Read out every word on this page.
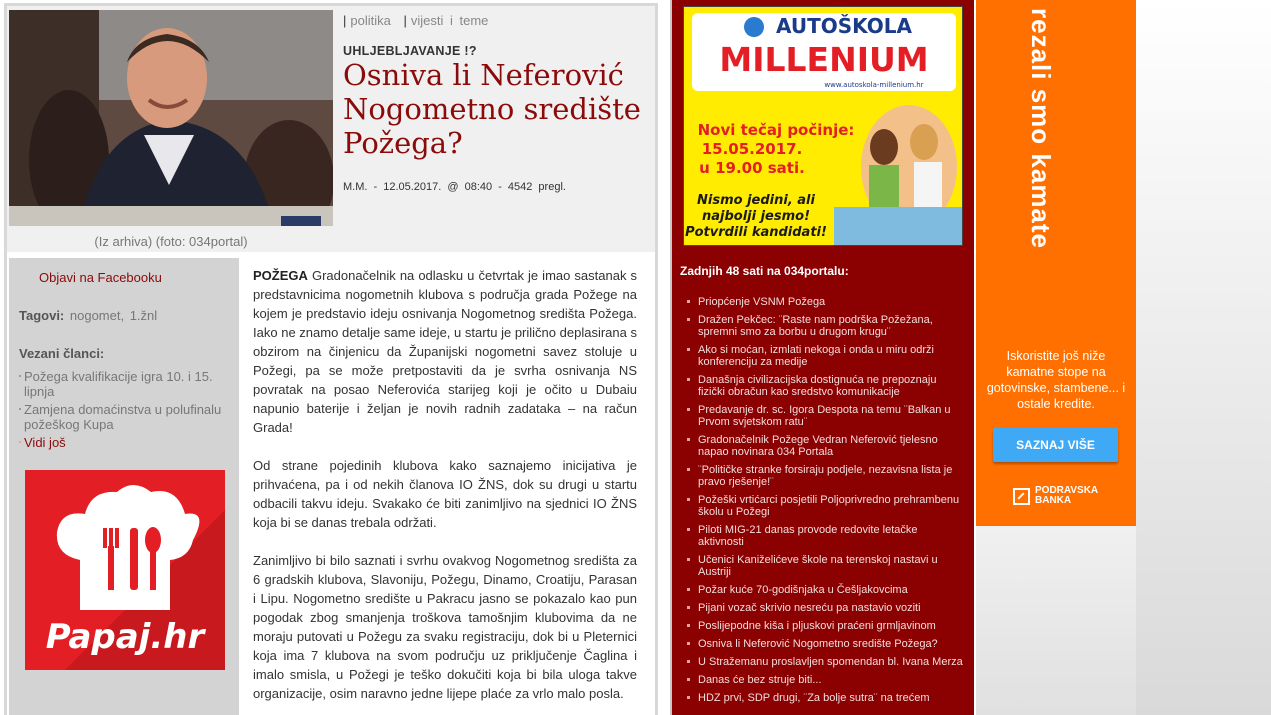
(Iz arhiva) (foto: 034portal)
| politika | vijesti i teme
UHLJEBLJAVANJE !?
Osniva li Neferović Nogometno središte Požega?
M.M. - 12.05.2017. @ 08:40 - 4542 pregl.
Objavi na Facebooku
Tagovi: nogomet, 1.žnl
Vezani članci:
Požega kvalifikacije igra 10. i 15. lipnja
Zamjena domaćinstva u polufinalu požeškog Kupa
Vidi još
Papaj.hr

POŽEGA Gradonačelnik na odlasku u četvrtak je imao sastanak s predstavnicima nogometnih klubova s područja grada Požege na kojem je predstavio ideju osnivanja Nogometnog središta Požega. Iako ne znamo detalje same ideje, u startu je prilično deplasirana s obzirom na činjenicu da Županijski nogometni savez stoluje u Požegi, pa se može pretpostaviti da je svrha osnivanja NS povratak na posao Neferovića starijeg koji je očito u Dubaiu napunio baterije i željan je novih radnih zadataka – na račun Grada!

Od strane pojedinih klubova kako saznajemo inicijativa je prihvaćena, pa i od nekih članova IO ŽNS, dok su drugi u startu odbacili takvu ideju. Svakako će biti zanimljivo na sjednici IO ŽNS koja bi se danas trebala održati.

Zanimljivo bi bilo saznati i svrhu ovakvog Nogometnog središta za 6 gradskih klubova, Slavoniju, Požegu, Dinamo, Croatiju, Parasan i Lipu. Nogometno središte u Pakracu jasno se pokazalo kao pun pogodak zbog smanjenja troškova tamošnjim klubovima da ne moraju putovati u Požegu za svaku registraciju, dok bi u Pleternici koja ima 7 klubova na svom području uz priključenje Čaglina i imalo smisla, u Požegi je teško dokučiti koja bi bila uloga takve organizacije, osim naravno jedne lijepe plaće za vrlo malo posla.

AUTOŠKOLA
MILLENIUM
www.autoskola-millenium.hr
Novi tečaj počinje:
15.05.2017.
u 19.00 sati.
Nismo jedini, ali
najbolji jesmo!
Potvrdili kandidati!
Zadnjih 48 sati na 034portalu:
Priopćenje VSNM Požega
Dražen Pekčec: ¨Raste nam podrška Požežana, spremni smo za borbu u drugom krugu¨
Ako si moćan, izmlati nekoga i onda u miru održi konferenciju za medije
Današnja civilizacijska dostignuća ne prepoznaju fizički obračun kao sredstvo komunikacije
Predavanje dr. sc. Igora Despota na temu ¨Balkan u Prvom svjetskom ratu¨
Gradonačelnik Požege Vedran Neferović tjelesno napao novinara 034 Portala
¨Političke stranke forsiraju podjele, nezavisna lista je pravo rješenje!¨
Požeški vrtićarci posjetili Poljoprivredno prehrambenu školu u Požegi
Piloti MIG-21 danas provode redovite letačke aktivnosti
Učenici Kaniželićeve škole na terenskoj nastavi u Austriji
Požar kuće 70-godišnjaka u Češljakovcima
Pijani vozač skrivio nesreću pa nastavio voziti
Poslijepodne kiša i pljuskovi praćeni grmljavinom
Osniva li Neferović Nogometno središte Požega?
U Stražemanu proslavljen spomendan bl. Ivana Merza
Danas će bez struje biti...
HDZ prvi, SDP drugi, ¨Za bolje sutra¨ na trećem
rezali smo kamate
Iskoristite još niže kamatne stope na gotovinske, stambene... i ostale kredite.
SAZNAJ VIŠE
PODRAVSKA
BANKA
